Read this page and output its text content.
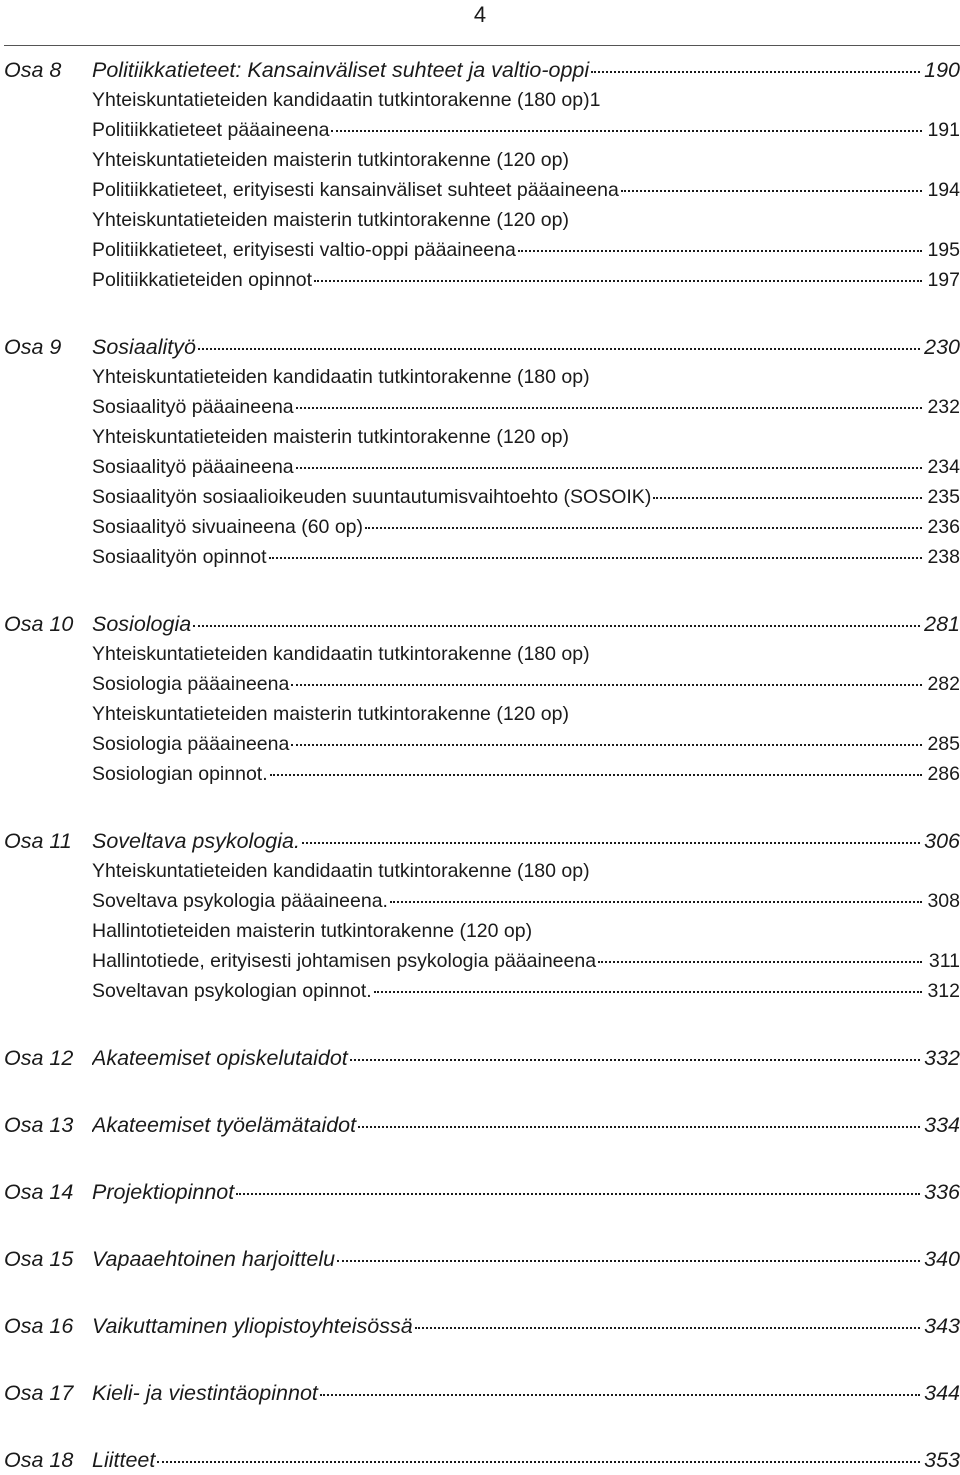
4
Osa 8	Politiikkatieteet: Kansainväliset suhteet ja valtio-oppi	190
Yhteiskuntatieteiden kandidaatin tutkintorakenne (180 op)1
Politiikkatieteet pääaineena	191
Yhteiskuntatieteiden maisterin tutkintorakenne (120 op)
Politiikkatieteet, erityisesti kansainväliset suhteet pääaineena	194
Yhteiskuntatieteiden maisterin tutkintorakenne (120 op)
Politiikkatieteet, erityisesti valtio-oppi pääaineena	195
Politiikkatieteiden opinnot	197
Osa 9	Sosiaalityö	230
Yhteiskuntatieteiden kandidaatin tutkintorakenne (180 op)
Sosiaalityö pääaineena	232
Yhteiskuntatieteiden maisterin tutkintorakenne (120 op)
Sosiaalityö pääaineena	234
Sosiaalityön sosiaalioikeuden suuntautumisvaihtoehto (SOSOIK)	235
Sosiaalityö sivuaineena (60 op)	236
Sosiaalityön opinnot	238
Osa 10 Sosiologia	281
Yhteiskuntatieteiden kandidaatin tutkintorakenne (180 op)
Sosiologia pääaineena	282
Yhteiskuntatieteiden maisterin tutkintorakenne (120 op)
Sosiologia pääaineena	285
Sosiologian opinnot.	286
Osa 11 Soveltava psykologia.	306
Yhteiskuntatieteiden kandidaatin tutkintorakenne (180 op)
Soveltava psykologia pääaineena.	308
Hallintotieteiden maisterin tutkintorakenne (120 op)
Hallintotiede, erityisesti johtamisen psykologia pääaineena	311
Soveltavan psykologian opinnot.	312
Osa 12 Akateemiset opiskelutaidot	332
Osa 13 Akateemiset työelämätaidot	334
Osa 14 Projektiopinnot	336
Osa 15 Vapaaehtoinen harjoittelu	340
Osa 16 Vaikuttaminen yliopistoyhteisössä	343
Osa 17 Kieli- ja viestintäopinnot	344
Osa 18 Liitteet	353
